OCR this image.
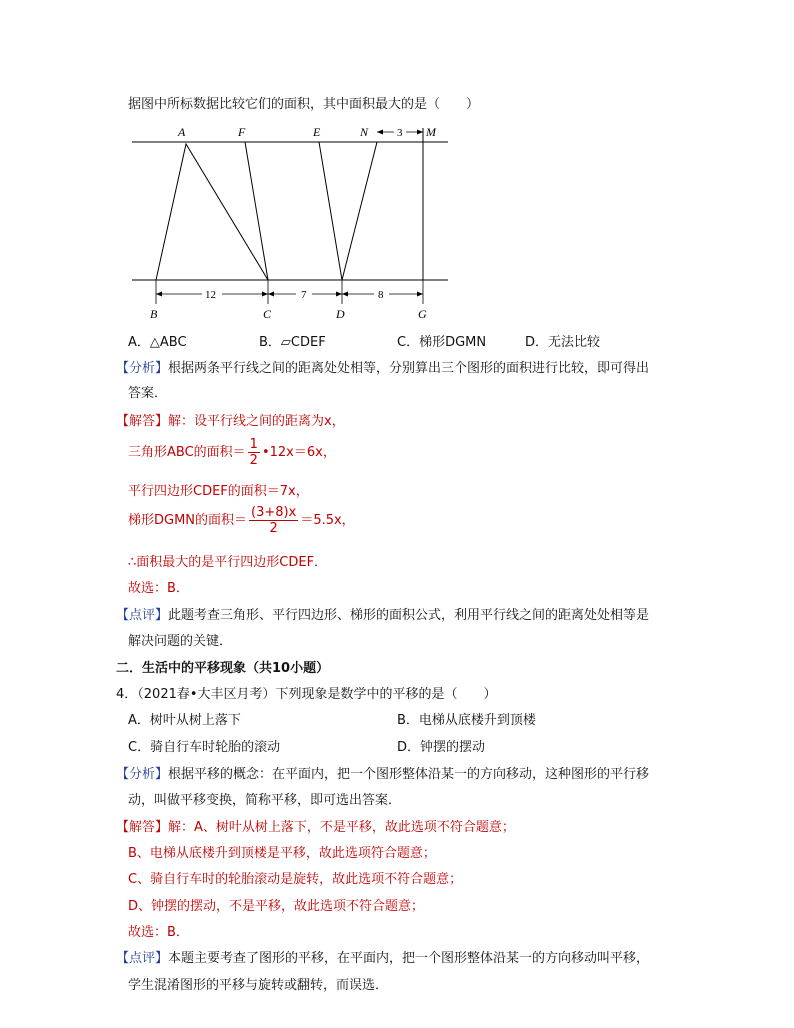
据图中所标数据比较它们的面积，其中面积最大的是（　　）
A	F	E	N	M
3
12	7	8
B	C	D	G
A．△ABC	B．▱CDEF	C．梯形DGMN	D．无法比较
【分析】根据两条平行线之间的距离处处相等，分别算出三个图形的面积进行比较，即可得出
答案．
【解答】解：设平行线之间的距离为x，
三角形ABC的面积＝ $\frac{1}{2}$ •12x＝6x，
平行四边形CDEF的面积＝7x，
梯形DGMN的面积＝ $\frac{(3+8)x}{2} =5.5x$，
∴面积最大的是平行四边形CDEF．
故选：B．
【点评】此题考查三角形、平行四边形、梯形的面积公式，利用平行线之间的距离处处相等是
解决问题的关键．
二．生活中的平移现象（共10小题）
4．（2021春•大丰区月考）下列现象是数学中的平移的是（　　）
A．树叶从树上落下	B．电梯从底楼升到顶楼
C．骑自行车时轮胎的滚动	D．钟摆的摆动
【分析】根据平移的概念：在平面内，把一个图形整体沿某一的方向移动，这种图形的平行移
动，叫做平移变换，简称平移，即可选出答案．
【解答】解：A、树叶从树上落下，不是平移，故此选项不符合题意；
B、电梯从底楼升到顶楼是平移，故此选项符合题意；
C、骑自行车时的轮胎滚动是旋转，故此选项不符合题意；
D、钟摆的摆动，不是平移，故此选项不符合题意；
故选：B．
【点评】本题主要考查了图形的平移，在平面内，把一个图形整体沿某一的方向移动叫平移，
学生混淆图形的平移与旋转或翻转，而误选．
